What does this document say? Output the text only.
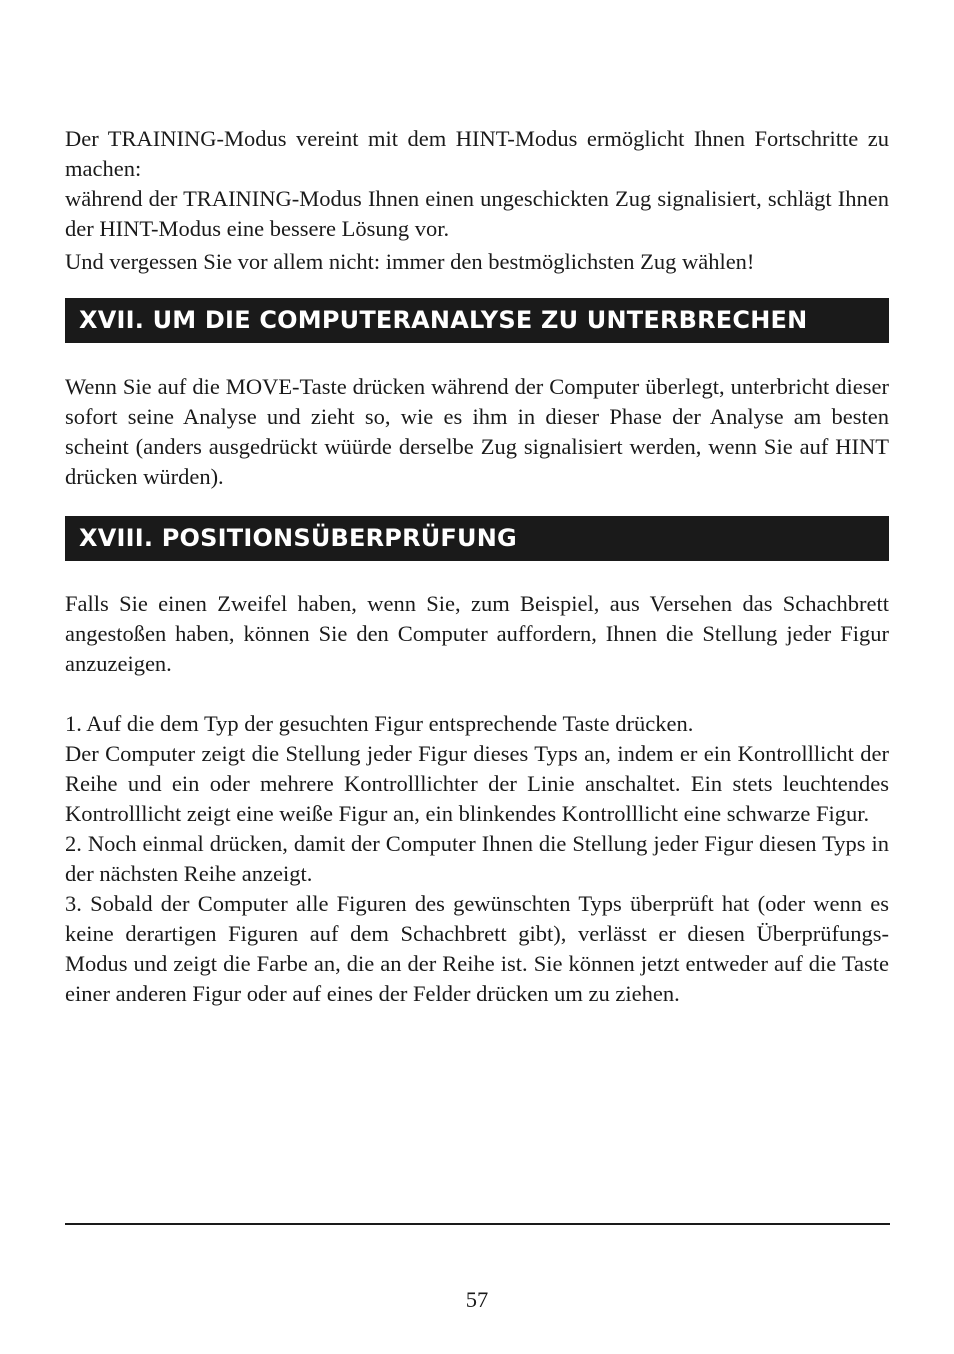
Der TRAINING-Modus vereint mit dem HINT-Modus ermöglicht Ihnen Fortschritte zu machen:

während der TRAINING-Modus Ihnen einen ungeschickten Zug signalisiert, schlägt Ihnen der HINT-Modus eine bessere Lösung vor.

Und vergessen Sie vor allem nicht: immer den bestmöglichsten Zug wählen!

XVII. UM DIE COMPUTERANALYSE ZU UNTERBRECHEN

Wenn Sie auf die MOVE-Taste drücken während der Computer überlegt, unterbricht dieser sofort seine Analyse und zieht so, wie es ihm in dieser Phase der Analyse am besten scheint (anders ausgedrückt wüürde derselbe Zug signalisiert werden, wenn Sie auf HINT drücken würden).

XVIII. POSITIONSÜBERPRÜFUNG

Falls Sie einen Zweifel haben, wenn Sie, zum Beispiel, aus Versehen das Schachbrett angestoßen haben, können Sie den Computer auffordern, Ihnen die Stellung jeder Figur anzuzeigen.

1. Auf die dem Typ der gesuchten Figur entsprechende Taste drücken.

Der Computer zeigt die Stellung jeder Figur dieses Typs an, indem er ein Kontrolllicht der Reihe und ein oder mehrere Kontrolllichter der Linie anschaltet. Ein stets leuchtendes Kontrolllicht zeigt eine weiße Figur an, ein blinkendes Kontrolllicht eine schwarze Figur.

2. Noch einmal drücken, damit der Computer Ihnen die Stellung jeder Figur diesen Typs in der nächsten Reihe anzeigt.

3. Sobald der Computer alle Figuren des gewünschten Typs überprüft hat (oder wenn es keine derartigen Figuren auf dem Schachbrett gibt), verlässt er diesen Überprüfungs-Modus und zeigt die Farbe an, die an der Reihe ist. Sie können jetzt entweder auf die Taste einer anderen Figur oder auf eines der Felder drücken um zu ziehen.

57
